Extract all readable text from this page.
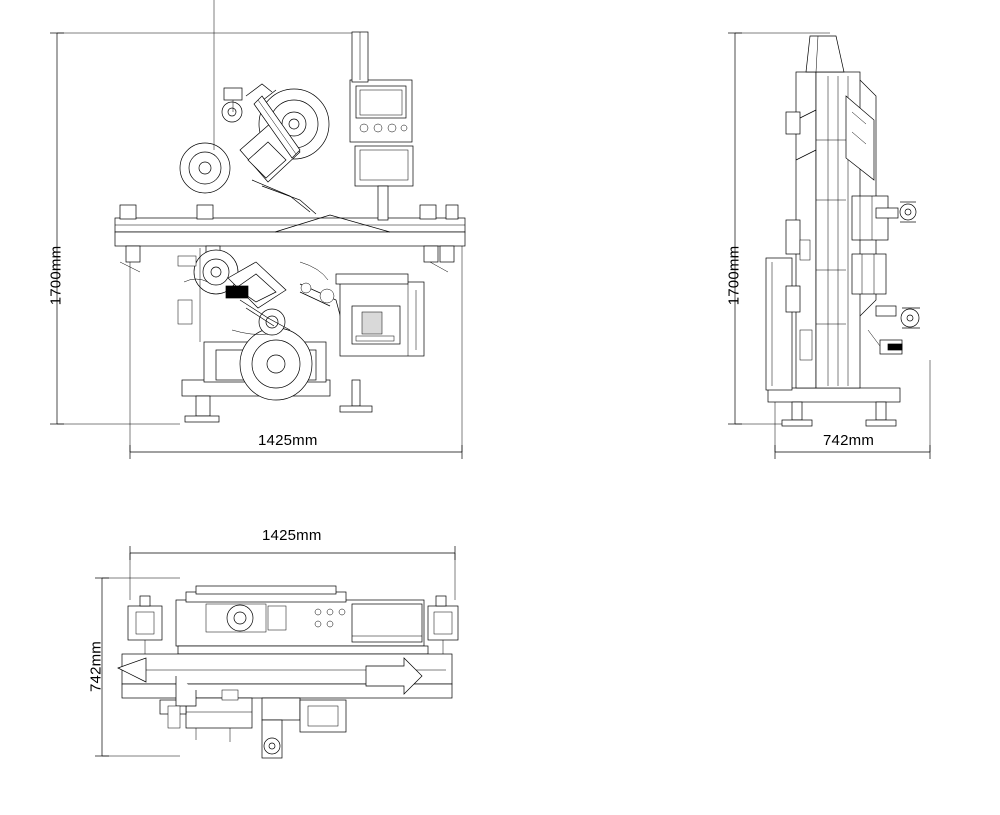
1700mm
1425mm
1700mm
742mm
1425mm
742mm
